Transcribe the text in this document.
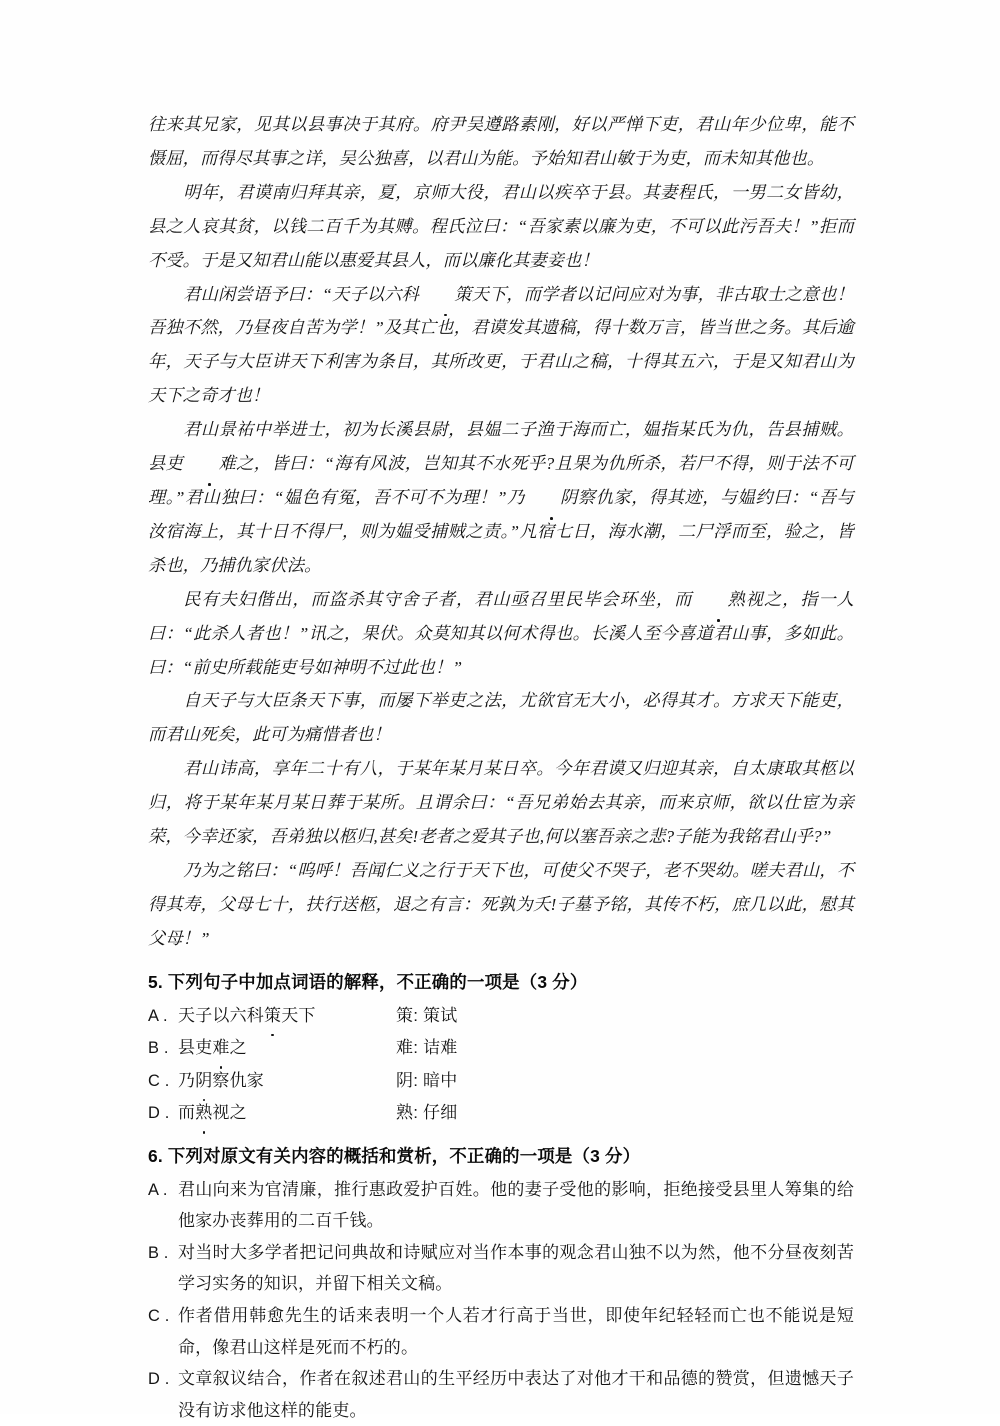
往来其兄家，见其以县事决于其府。府尹吴遵路素刚，好以严惮下吏，君山年少位卑，能不慑屈，而得尽其事之详，吴公独喜，以君山为能。予始知君山敏于为吏，而未知其他也。

明年，君谟南归拜其亲，夏，京师大役，君山以疾卒于县。其妻程氏，一男二女皆幼，县之人哀其贫，以钱二百千为其赙。程氏泣曰：“吾家素以廉为吏，不可以此污吾夫！”拒而不受。于是又知君山能以惠爱其县人，而以廉化其妻妾也！

君山闲尝语予曰：“天子以六科 策天下，而学者以记问应对为事，非古取士之意也！吾独不然，乃昼夜自苦为学！”及其亡也，君谟发其遗稿，得十数万言，皆当世之务。其后逾年，天子与大臣讲天下利害为条目，其所改更，于君山之稿，十得其五六，于是又知君山为天下之奇才也！

君山景祐中举进士，初为长溪县尉，县媪二子渔于海而亡，媪指某氏为仇，告县捕贼。县吏 难之，皆曰：“海有风波，岂知其不水死乎?且果为仇所杀，若尸不得，则于法不可理。”君山独曰：“媪色有冤，吾不可不为理！”乃 阴察仇家，得其迹，与媪约曰：“吾与汝宿海上，其十日不得尸，则为媪受捕贼之责。”凡宿七日，海水潮，二尸浮而至，验之，皆杀也，乃捕仇家伏法。

民有夫妇偕出，而盗杀其守舍子者，君山亟召里民毕会环坐，而 熟视之，指一人曰：“此杀人者也！”讯之，果伏。众莫知其以何术得也。长溪人至今喜道君山事，多如此。曰：“前史所载能吏号如神明不过此也！”

自天子与大臣条天下事，而屡下举吏之法，尤欲官无大小，必得其才。方求天下能吏，而君山死矣，此可为痛惜者也！

君山讳高，享年二十有八，于某年某月某日卒。今年君谟又归迎其亲，自太康取其柩以归，将于某年某月某日葬于某所。且谓余曰：“吾兄弟始去其亲，而来京师，欲以仕宦为亲荣，今幸还家，吾弟独以柩归,甚矣!老者之爱其子也,何以塞吾亲之悲?子能为我铭君山乎?”

乃为之铭曰：“呜呼！吾闻仁义之行于天下也，可使父不哭子，老不哭幼。嗟夫君山，不得其寿，父母七十，扶行送柩，退之有言：死孰为夭!子墓予铭，其传不朽，庶几以此，慰其父母！”

5. 下列句子中加点词语的解释，不正确的一项是（3 分）

A . 天子以六科策天下	策: 策试
B . 县吏难之	难: 诘难
C . 乃阴察仇家	阴: 暗中
D . 而熟视之	熟: 仔细

6. 下列对原文有关内容的概括和赏析，不正确的一项是（3 分）

A . 君山向来为官清廉，推行惠政爱护百姓。他的妻子受他的影响，拒绝接受县里人筹集的给他家办丧葬用的二百千钱。
B . 对当时大多学者把记问典故和诗赋应对当作本事的观念君山独不以为然，他不分昼夜刻苦学习实务的知识，并留下相关文稿。
C . 作者借用韩愈先生的话来表明一个人若才行高于当世，即使年纪轻轻而亡也不能说是短命，像君山这样是死而不朽的。
D . 文章叙议结合，作者在叙述君山的生平经历中表达了对他才干和品德的赞赏，但遗憾天子没有访求他这样的能吏。
